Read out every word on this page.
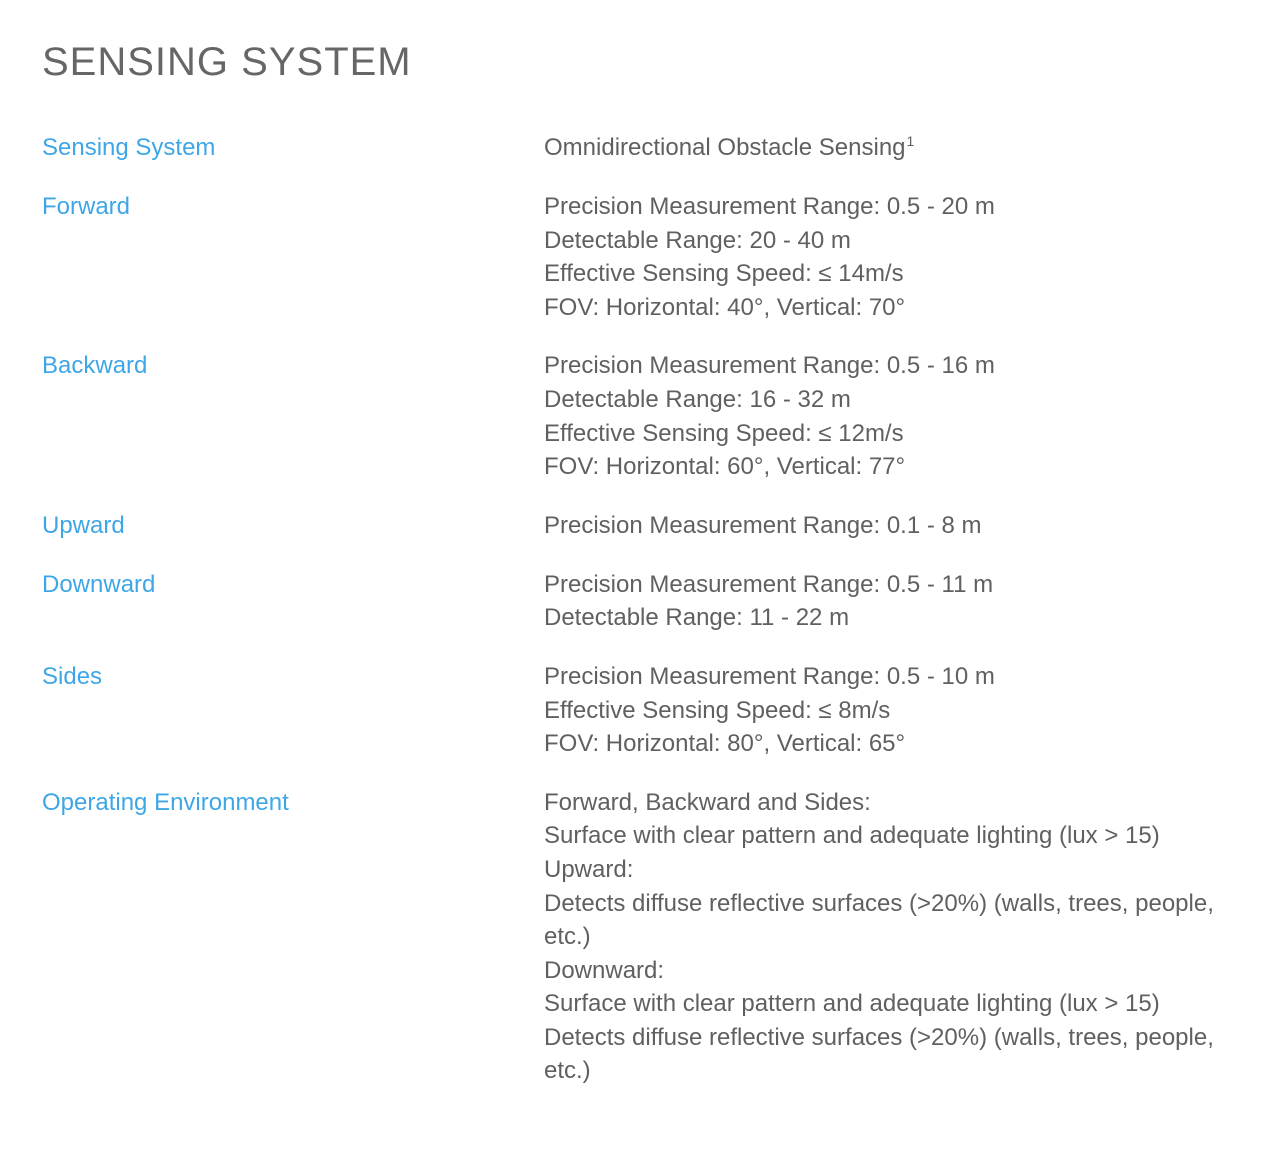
SENSING SYSTEM
Sensing System	Omnidirectional Obstacle Sensing$^1$
Forward	Precision Measurement Range: 0.5 - 20 m
Detectable Range: 20 - 40 m
Effective Sensing Speed: ≤ 14m/s
FOV: Horizontal: 40°, Vertical: 70°
Backward	Precision Measurement Range: 0.5 - 16 m
Detectable Range: 16 - 32 m
Effective Sensing Speed: ≤ 12m/s
FOV: Horizontal: 60°, Vertical: 77°
Upward	Precision Measurement Range: 0.1 - 8 m
Downward	Precision Measurement Range: 0.5 - 11 m
Detectable Range: 11 - 22 m
Sides	Precision Measurement Range: 0.5 - 10 m
Effective Sensing Speed: ≤ 8m/s
FOV: Horizontal: 80°, Vertical: 65°
Operating Environment	Forward, Backward and Sides:
Surface with clear pattern and adequate lighting (lux > 15)
Upward:
Detects diffuse reflective surfaces (>20%) (walls, trees, people, etc.)
Downward:
Surface with clear pattern and adequate lighting (lux > 15)
Detects diffuse reflective surfaces (>20%) (walls, trees, people, etc.)
